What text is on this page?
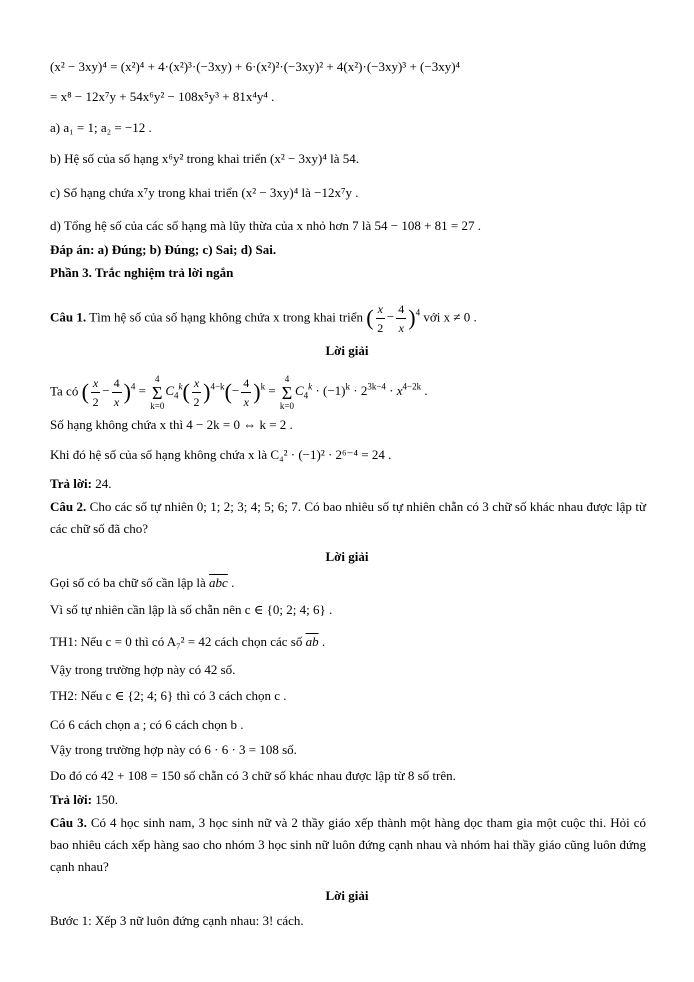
(x² − 3xy)⁴ = (x²)⁴ + 4·(x²)³·(−3xy) + 6·(x²)²·(−3xy)² + 4(x²)·(−3xy)³ + (−3xy)⁴
= x⁸ − 12x⁷y + 54x⁶y² − 108x⁵y³ + 81x⁴y⁴ .
a) a₁ = 1; a₂ = −12 .
b) Hệ số của số hạng x⁶y² trong khai triển (x² − 3xy)⁴ là 54.
c) Số hạng chứa x⁷y trong khai triển (x² − 3xy)⁴ là −12x⁷y .
d) Tổng hệ số của các số hạng mà lũy thừa của x nhỏ hơn 7 là 54 − 108 + 81 = 27 .
Đáp án: a) Đúng; b) Đúng; c) Sai; d) Sai.
Phần 3. Trắc nghiệm trả lời ngắn
Câu 1. Tìm hệ số của số hạng không chứa x trong khai triển ( $\frac{x}{2} - \frac{4}{x} )^4$ với x ≠ 0 .
Lời giải
Ta có ( $\frac{x}{2} - \frac{4}{x} )^4$ =
4
Σ
k=0
$C_4^k( \frac{x}{2} )^{4-k}(- \frac{4}{x} )^k$ =
4
Σ
k=0
$C_4^k \cdot (-1)^k \cdot 2^{3k-4} \cdot x^{4-2k}$ .
Số hạng không chứa x thì 4 − 2k = 0 ⇔ k = 2 .
Khi đó hệ số của số hạng không chứa x là C₄² · (−1)² · 2⁶⁻⁴ = 24 .
Trả lời: 24.
Câu 2. Cho các số tự nhiên 0; 1; 2; 3; 4; 5; 6; 7. Có bao nhiêu số tự nhiên chẵn có 3 chữ số khác nhau được lập từ các chữ số đã cho?
Lời giải
Gọi số có ba chữ số cần lập là $\overline{abc}$ .
Vì số tự nhiên cần lập là số chẵn nên c ∈ {0; 2; 4; 6} .
TH1: Nếu c = 0 thì có A₇² = 42 cách chọn các số $\overline{ab}$ .
Vậy trong trường hợp này có 42 số.
TH2: Nếu c ∈ {2; 4; 6} thì có 3 cách chọn c .
Có 6 cách chọn a ; có 6 cách chọn b .
Vậy trong trường hợp này có 6 · 6 · 3 = 108 số.
Do đó có 42 + 108 = 150 số chẵn có 3 chữ số khác nhau được lập từ 8 số trên.
Trả lời: 150.
Câu 3. Có 4 học sinh nam, 3 học sinh nữ và 2 thầy giáo xếp thành một hàng dọc tham gia một cuộc thi. Hỏi có bao nhiêu cách xếp hàng sao cho nhóm 3 học sinh nữ luôn đứng cạnh nhau và nhóm hai thầy giáo cũng luôn đứng cạnh nhau?
Lời giải
Bước 1: Xếp 3 nữ luôn đứng cạnh nhau: 3! cách.
